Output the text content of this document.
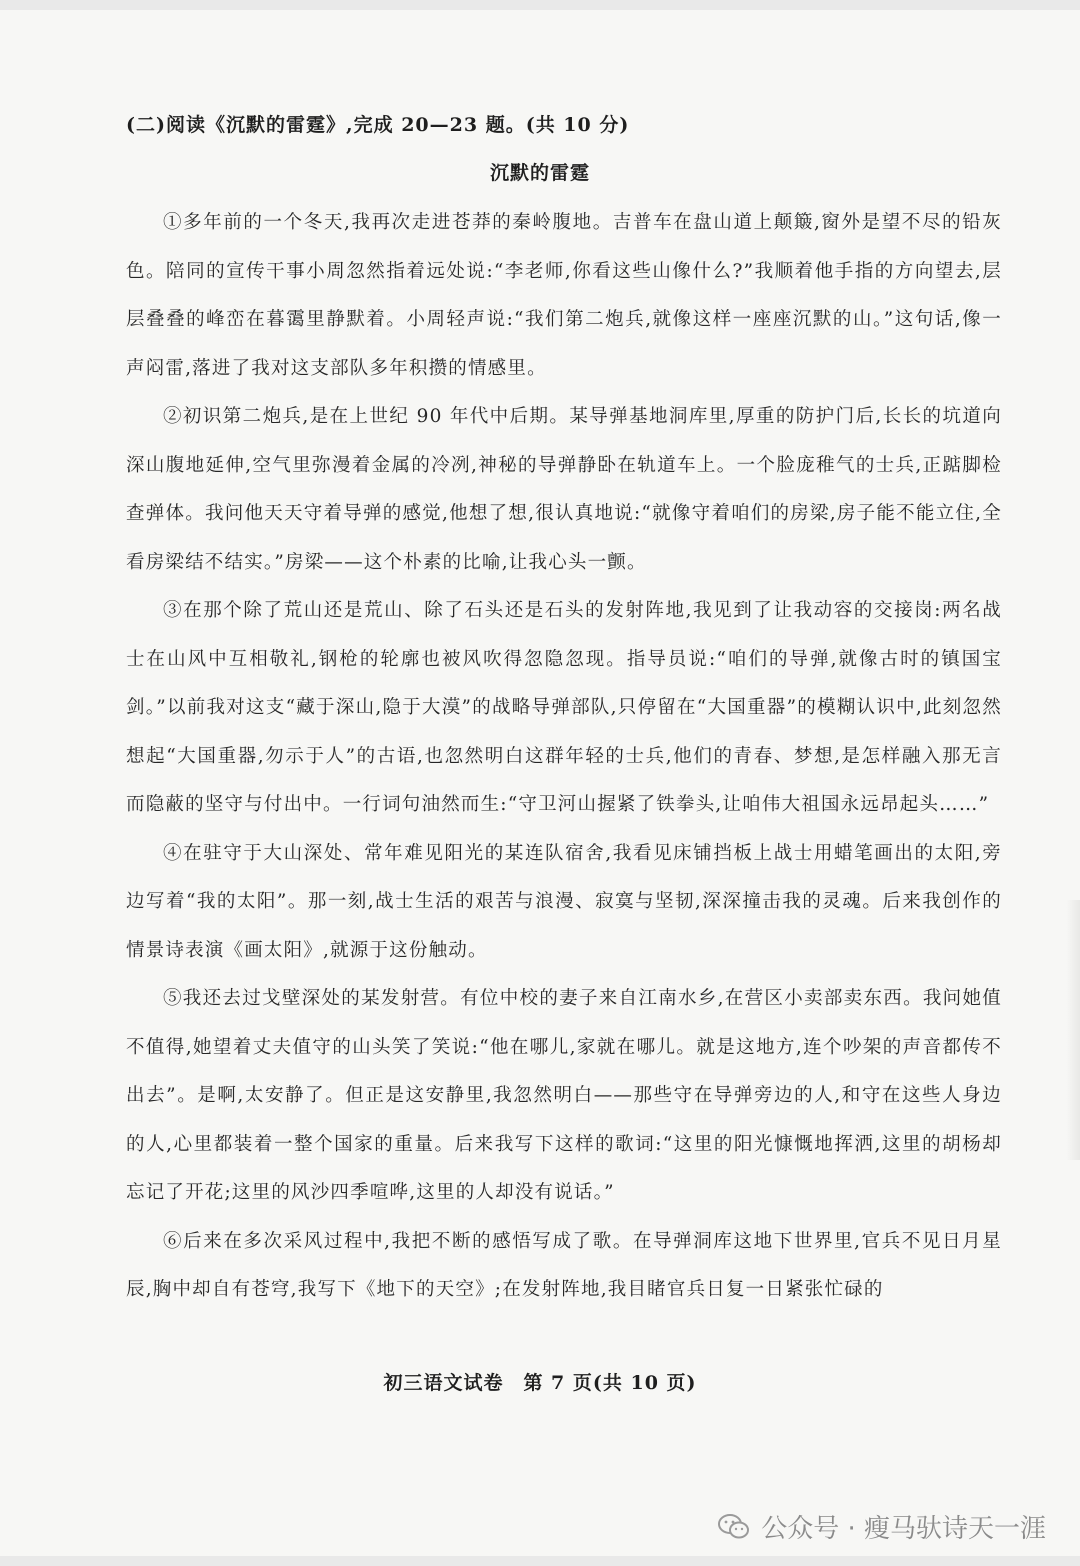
(二)阅读《沉默的雷霆》,完成 20—23 题。(共 10 分)
沉默的雷霆

①多年前的一个冬天,我再次走进苍莽的秦岭腹地。吉普车在盘山道上颠簸,窗外是望不尽的铅灰色。陪同的宣传干事小周忽然指着远处说:“李老师,你看这些山像什么?”我顺着他手指的方向望去,层层叠叠的峰峦在暮霭里静默着。小周轻声说:“我们第二炮兵,就像这样一座座沉默的山。”这句话,像一声闷雷,落进了我对这支部队多年积攒的情感里。

②初识第二炮兵,是在上世纪 90 年代中后期。某导弹基地洞库里,厚重的防护门后,长长的坑道向深山腹地延伸,空气里弥漫着金属的冷冽,神秘的导弹静卧在轨道车上。一个脸庞稚气的士兵,正踮脚检查弹体。我问他天天守着导弹的感觉,他想了想,很认真地说:“就像守着咱们的房梁,房子能不能立住,全看房梁结不结实。”房梁——这个朴素的比喻,让我心头一颤。

③在那个除了荒山还是荒山、除了石头还是石头的发射阵地,我见到了让我动容的交接岗:两名战士在山风中互相敬礼,钢枪的轮廓也被风吹得忽隐忽现。指导员说:“咱们的导弹,就像古时的镇国宝剑。”以前我对这支“藏于深山,隐于大漠”的战略导弹部队,只停留在“大国重器”的模糊认识中,此刻忽然想起“大国重器,勿示于人”的古语,也忽然明白这群年轻的士兵,他们的青春、梦想,是怎样融入那无言而隐蔽的坚守与付出中。一行词句油然而生:“守卫河山握紧了铁拳头,让咱伟大祖国永远昂起头……”

④在驻守于大山深处、常年难见阳光的某连队宿舍,我看见床铺挡板上战士用蜡笔画出的太阳,旁边写着“我的太阳”。那一刻,战士生活的艰苦与浪漫、寂寞与坚韧,深深撞击我的灵魂。后来我创作的情景诗表演《画太阳》,就源于这份触动。

⑤我还去过戈壁深处的某发射营。有位中校的妻子来自江南水乡,在营区小卖部卖东西。我问她值不值得,她望着丈夫值守的山头笑了笑说:“他在哪儿,家就在哪儿。就是这地方,连个吵架的声音都传不出去”。是啊,太安静了。但正是这安静里,我忽然明白——那些守在导弹旁边的人,和守在这些人身边的人,心里都装着一整个国家的重量。后来我写下这样的歌词:“这里的阳光慷慨地挥洒,这里的胡杨却忘记了开花;这里的风沙四季喧哗,这里的人却没有说话。”

⑥后来在多次采风过程中,我把不断的感悟写成了歌。在导弹洞库这地下世界里,官兵不见日月星辰,胸中却自有苍穹,我写下《地下的天空》;在发射阵地,我目睹官兵日复一日紧张忙碌的

初三语文试卷　第 7 页(共 10 页)
公众号 · 瘦马驮诗天一涯
